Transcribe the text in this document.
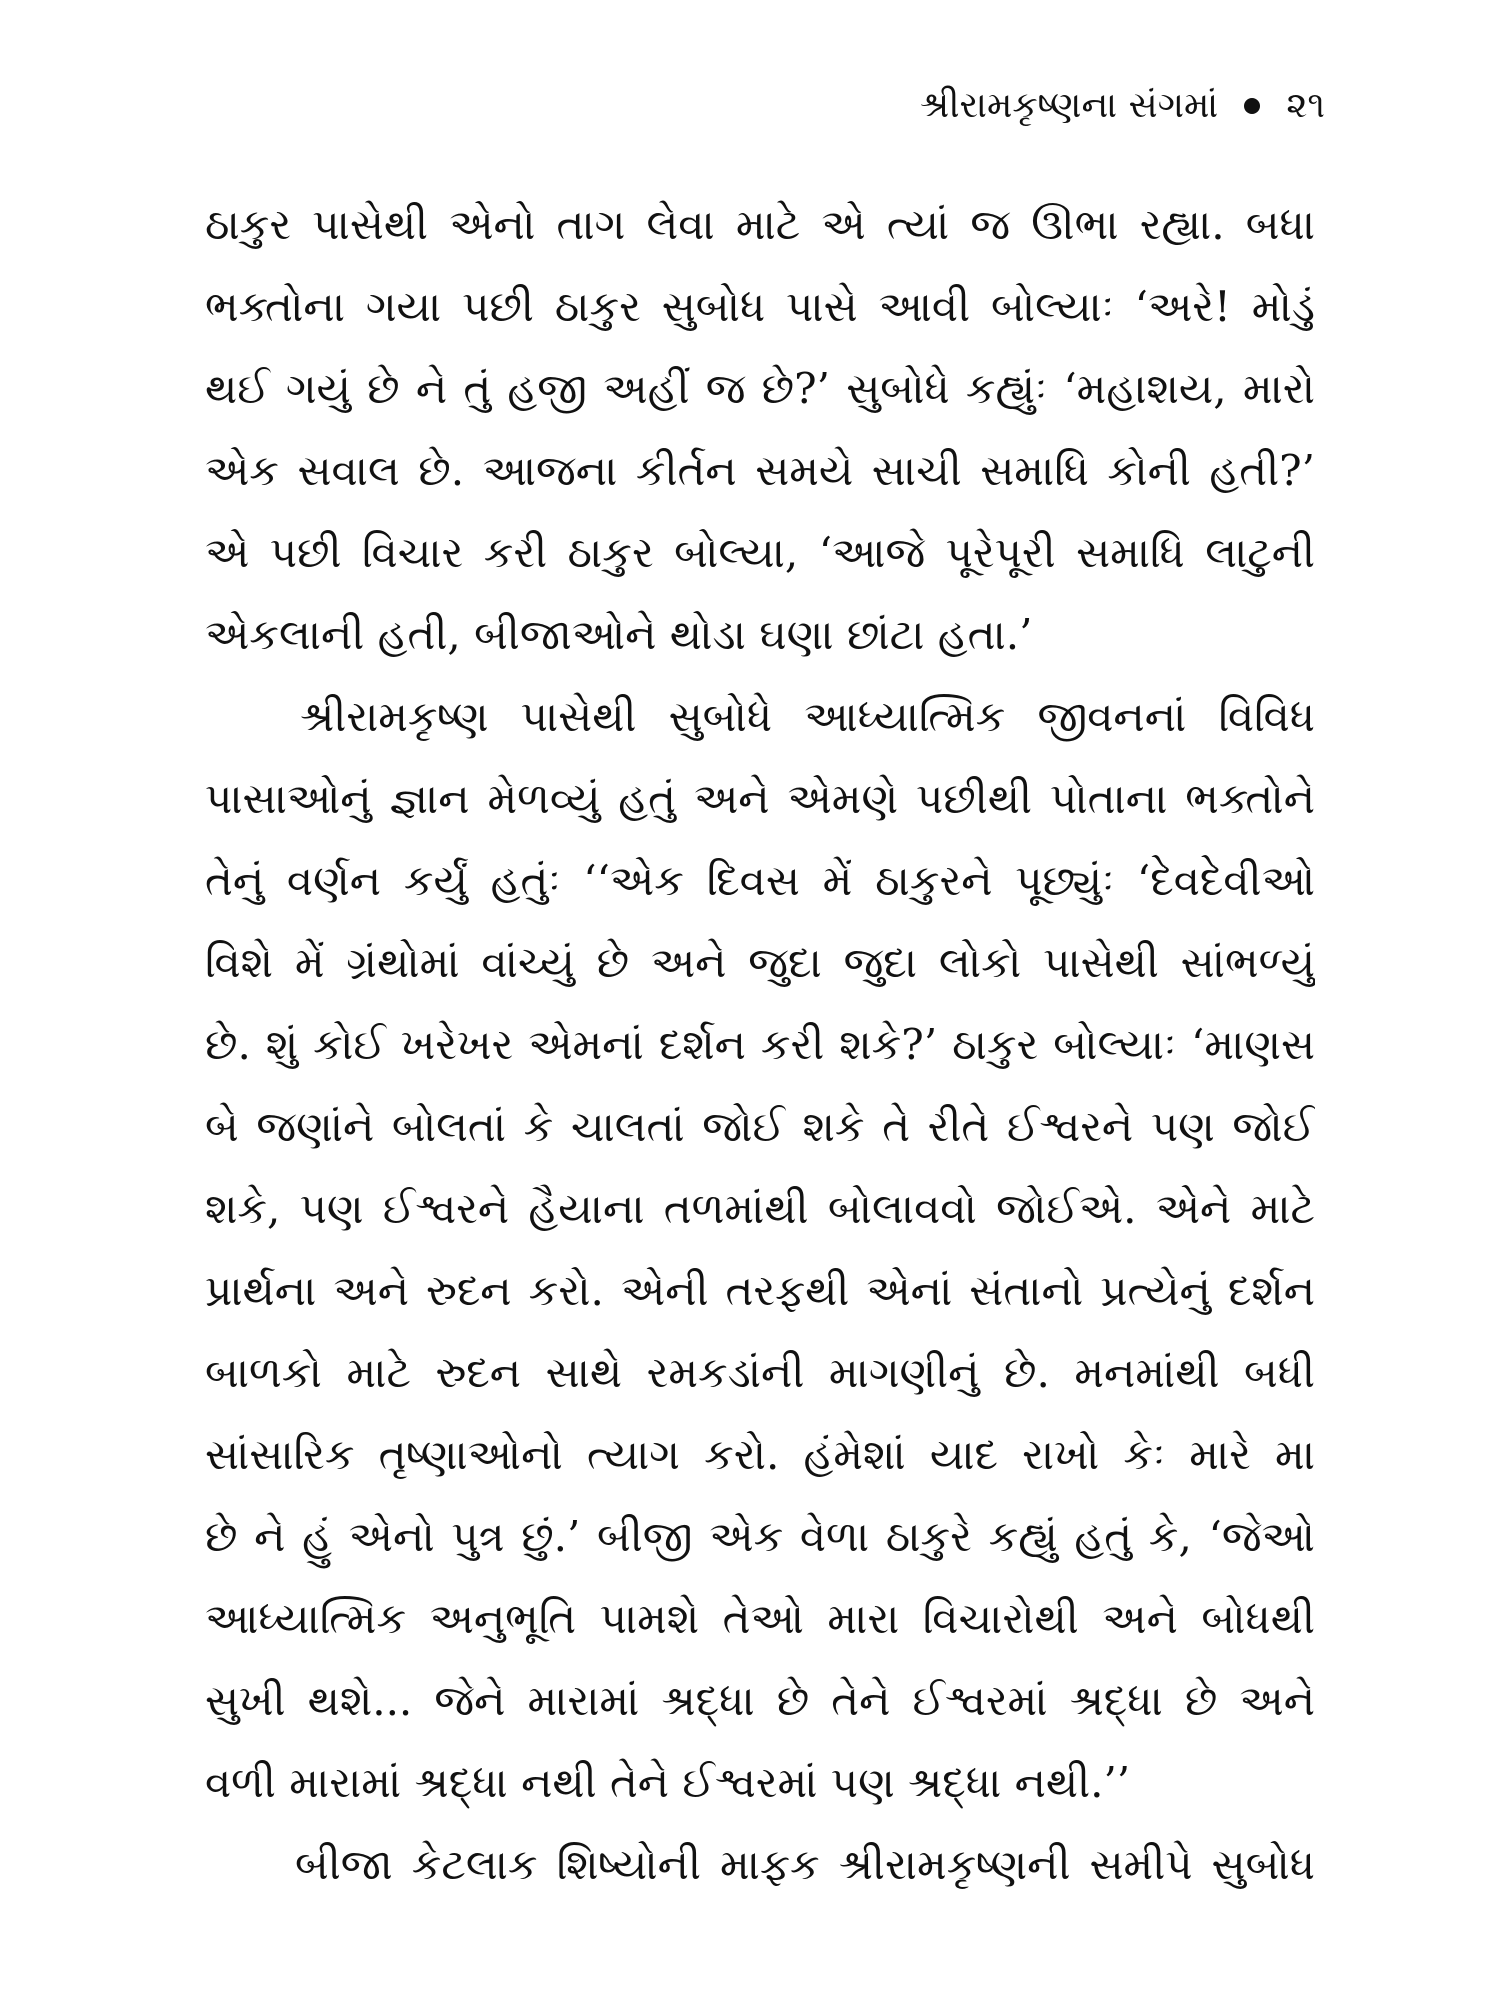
શ્રીરામકૃષ્ણના સંગમાં ૨૧
ઠાકુર પાસેથી એનો તાગ લેવા માટે એ ત્યાં જ ઊભા રહ્યા. બધા
ભક્તોના ગયા પછી ઠાકુર સુબોધ પાસે આવી બોલ્યાઃ ‘અરે! મોડું
થઈ ગયું છે ને તું હજી અહીં જ છે?’ સુબોધે કહ્યુંઃ ‘મહાશય, મારો
એક સવાલ છે. આજના કીર્તન સમયે સાચી સમાધિ કોની હતી?’
એ પછી વિચાર કરી ઠાકુર બોલ્યા, ‘આજે પૂરેપૂરી સમાધિ લાટુની
એકલાની હતી, બીજાઓને થોડા ઘણા છાંટા હતા.’
શ્રીરામકૃષ્ણ પાસેથી સુબોધે આધ્યાત્મિક જીવનનાં વિવિધ
પાસાઓનું જ્ઞાન મેળવ્યું હતું અને એમણે પછીથી પોતાના ભક્તોને
તેનું વર્ણન કર્યું હતુંઃ ‘‘એક દિવસ મેં ઠાકુરને પૂછ્યુંઃ ‘દેવદેવીઓ
વિશે મેં ગ્રંથોમાં વાંચ્યું છે અને જુદા જુદા લોકો પાસેથી સાંભળ્યું
છે. શું કોઈ ખરેખર એમનાં દર્શન કરી શકે?’ ઠાકુર બોલ્યાઃ ‘માણસ
બે જણાંને બોલતાં કે ચાલતાં જોઈ શકે તે રીતે ઈશ્વરને પણ જોઈ
શકે, પણ ઈશ્વરને હૈયાના તળમાંથી બોલાવવો જોઈએ. એને માટે
પ્રાર્થના અને રુદન કરો. એની તરફથી એનાં સંતાનો પ્રત્યેનું દર્શન
બાળકો માટે રુદન સાથે રમકડાંની માગણીનું છે. મનમાંથી બધી
સાંસારિક તૃષ્ણાઓનો ત્યાગ કરો. હંમેશાં યાદ રાખો કેઃ મારે મા
છે ને હું એનો પુત્ર છું.’ બીજી એક વેળા ઠાકુરે કહ્યું હતું કે, ‘જેઓ
આધ્યાત્મિક અનુભૂતિ પામશે તેઓ મારા વિચારોથી અને બોધથી
સુખી થશે... જેને મારામાં શ્રદ્ધા છે તેને ઈશ્વરમાં શ્રદ્ધા છે અને
વળી મારામાં શ્રદ્ધા નથી તેને ઈશ્વરમાં પણ શ્રદ્ધા નથી.’’
બીજા કેટલાક શિષ્યોની માફક શ્રીરામકૃષ્ણની સમીપે સુબોધ
